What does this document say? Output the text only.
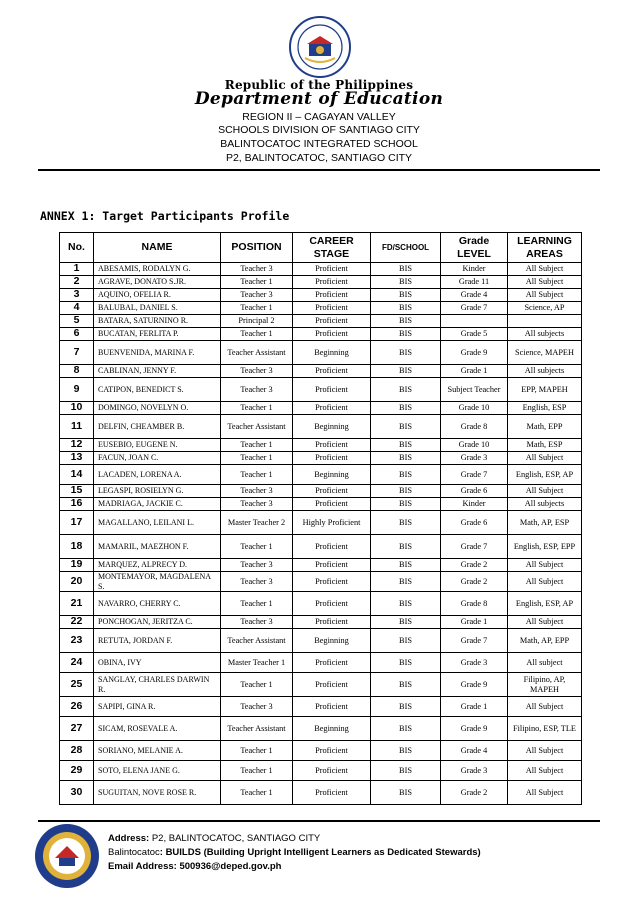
Republic of the Philippines
Department of Education
REGION II – CAGAYAN VALLEY
SCHOOLS DIVISION OF SANTIAGO CITY
BALINTOCATOC INTEGRATED SCHOOL
P2, BALINTOCATOC, SANTIAGO CITY
ANNEX 1: Target Participants Profile
No.	NAME	POSITION	CAREER STAGE	FD/SCHOOL	Grade LEVEL	LEARNING AREAS
1	ABESAMIS, RODALYN G.	Teacher 3	Proficient	BIS	Kinder	All Subject
2	AGRAVE, DONATO S.JR.	Teacher 1	Proficient	BIS	Grade 11	All Subject
3	AQUINO, OFELIA R.	Teacher 3	Proficient	BIS	Grade 4	All Subject
4	BALUBAL, DANIEL S.	Teacher 1	Proficient	BIS	Grade 7	Science, AP
5	BATARA, SATURNINO R.	Principal 2	Proficient	BIS		
6	BUCATAN, FERLITA P.	Teacher 1	Proficient	BIS	Grade 5	All subjects
7	BUENVENIDA, MARINA F.	Teacher Assistant	Beginning	BIS	Grade 9	Science, MAPEH
8	CABLINAN, JENNY F.	Teacher 3	Proficient	BIS	Grade 1	All subjects
9	CATIPON, BENEDICT S.	Teacher 3	Proficient	BIS	Subject Teacher	EPP, MAPEH
10	DOMINGO, NOVELYN O.	Teacher 1	Proficient	BIS	Grade 10	English, ESP
11	DELFIN, CHEAMBER B.	Teacher Assistant	Beginning	BIS	Grade 8	Math, EPP
12	EUSEBIO, EUGENE N.	Teacher 1	Proficient	BIS	Grade 10	Math, ESP
13	FACUN, JOAN C.	Teacher 1	Proficient	BIS	Grade 3	All Subject
14	LACADEN, LORENA A.	Teacher 1	Beginning	BIS	Grade 7	English, ESP, AP
15	LEGASPI, ROSIELYN G.	Teacher 3	Proficient	BIS	Grade 6	All Subject
16	MADRIAGA, JACKIE C.	Teacher 3	Proficient	BIS	Kinder	All subjects
17	MAGALLANO, LEILANI L.	Master Teacher 2	Highly Proficient	BIS	Grade 6	Math, AP, ESP
18	MAMARIL, MAEZHON F.	Teacher 1	Proficient	BIS	Grade 7	English, ESP, EPP
19	MARQUEZ, ALPRECY D.	Teacher 3	Proficient	BIS	Grade 2	All Subject
20	MONTEMAYOR, MAGDALENA S.	Teacher 3	Proficient	BIS	Grade 2	All Subject
21	NAVARRO, CHERRY C.	Teacher 1	Proficient	BIS	Grade 8	English, ESP, AP
22	PONCHOGAN, JERITZA C.	Teacher 3	Proficient	BIS	Grade 1	All Subject
23	RETUTA, JORDAN F.	Teacher Assistant	Beginning	BIS	Grade 7	Math, AP, EPP
24	OBINA, IVY	Master Teacher 1	Proficient	BIS	Grade 3	All subject
25	SANGLAY, CHARLES DARWIN R.	Teacher 1	Proficient	BIS	Grade 9	Filipino, AP, MAPEH
26	SAPIPI, GINA R.	Teacher 3	Proficient	BIS	Grade 1	All Subject
27	SICAM, ROSEVALE A.	Teacher Assistant	Beginning	BIS	Grade 9	Filipino, ESP, TLE
28	SORIANO, MELANIE A.	Teacher 1	Proficient	BIS	Grade 4	All Subject
29	SOTO, ELENA JANE G.	Teacher 1	Proficient	BIS	Grade 3	All Subject
30	SUGUITAN, NOVE ROSE R.	Teacher 1	Proficient	BIS	Grade 2	All Subject
Address: P2, BALINTOCATOC, SANTIAGO CITY
Balintocatoc: BUILDS (Building Upright Intelligent Learners as Dedicated Stewards)
Email Address: 500936@deped.gov.ph
